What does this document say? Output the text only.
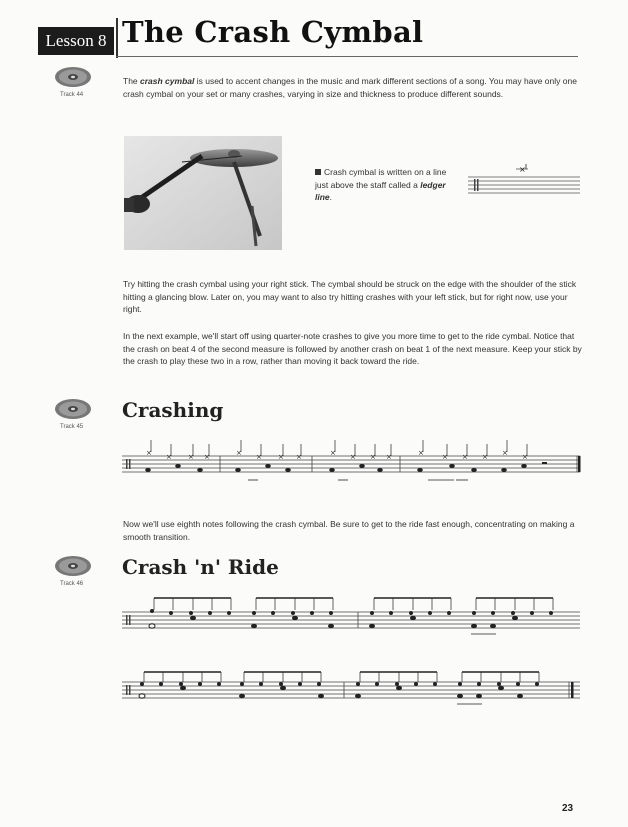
Lesson 8 The Crash Cymbal
Track 44
The crash cymbal is used to accent changes in the music and mark different sections of a song. You may have only one crash cymbal on your set or many crashes, varying in size and thickness to produce different sounds.
Crash cymbal is written on a line just above the staff called a ledger line.
×
Try hitting the crash cymbal using your right stick. The cymbal should be struck on the edge with the shoulder of the stick hitting a glancing blow. Later on, you may want to also try hitting crashes with your left stick, but for right now, use your right.
In the next example, we'll start off using quarter-note crashes to give you more time to get to the ride cymbal. Notice that the crash on beat 4 of the second measure is followed by another crash on beat 1 of the next measure. Keep your stick by the crash to play these two in a row, rather than moving it back toward the ride.
Track 45
Crashing
×	×	×	×	×
× × ×	× × ×	× × ×	× × ×	×
Now we'll use eighth notes following the crash cymbal. Be sure to get to the ride fast enough, concentrating on making a smooth transition.
Track 46
Crash 'n' Ride
23
